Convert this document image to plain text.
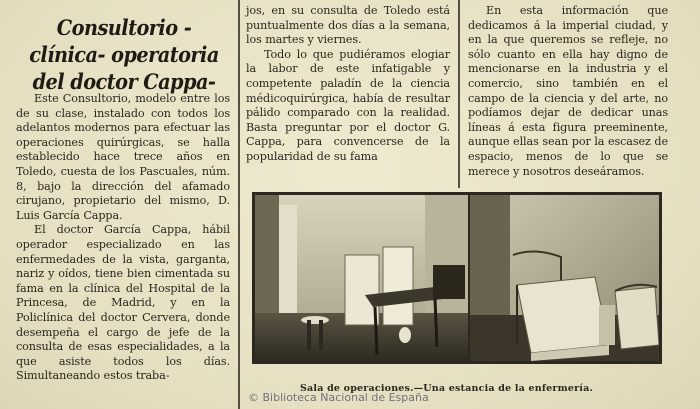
Consultorio -clínica- operatoria
del doctor Cappa-

Este Consultorio, modelo entre los de su clase, instalado con todos los adelantos modernos para efectuar las operaciones quirúrgicas, se halla establecido hace trece años en Toledo, cuesta de los Pascuales, núm. 8, bajo la dirección del afamado cirujano, propietario del mismo, D. Luis García Cappa.

El doctor García Cappa, hábil operador especializado en las enfermedades de la vista, garganta, nariz y oídos, tiene bien cimentada su fama en la clínica del Hospital de la Princesa, de Madrid, y en la Policlínica del doctor Cervera, donde desempeña el cargo de jefe de la consulta de esas especialidades, a la que asiste todos los días. Simultaneando estos traba-

jos, en su consulta de Toledo está puntualmente dos días a la semana, los martes y viernes.

Todo lo que pudiéramos elogiar la labor de este infatigable y competente paladín de la ciencia médicoquirúrgica, había de resultar pálido comparado con la realidad. Basta preguntar por el doctor G. Cappa, para convencerse de la popularidad de su fama

En esta información que dedicamos á la imperial ciudad, y en la que queremos se refleje, no sólo cuanto en ella hay digno de mencionarse en la industria y el comercio, sino también en el campo de la ciencia y del arte, no podíamos dejar de dedicar unas líneas á esta figura preeminente, aunque ellas sean por la escasez de espacio, menos de lo que se merece y nosotros deseáramos.

Sala de operaciones.—Una estancia de la enfermería.
© Biblioteca Nacional de España
